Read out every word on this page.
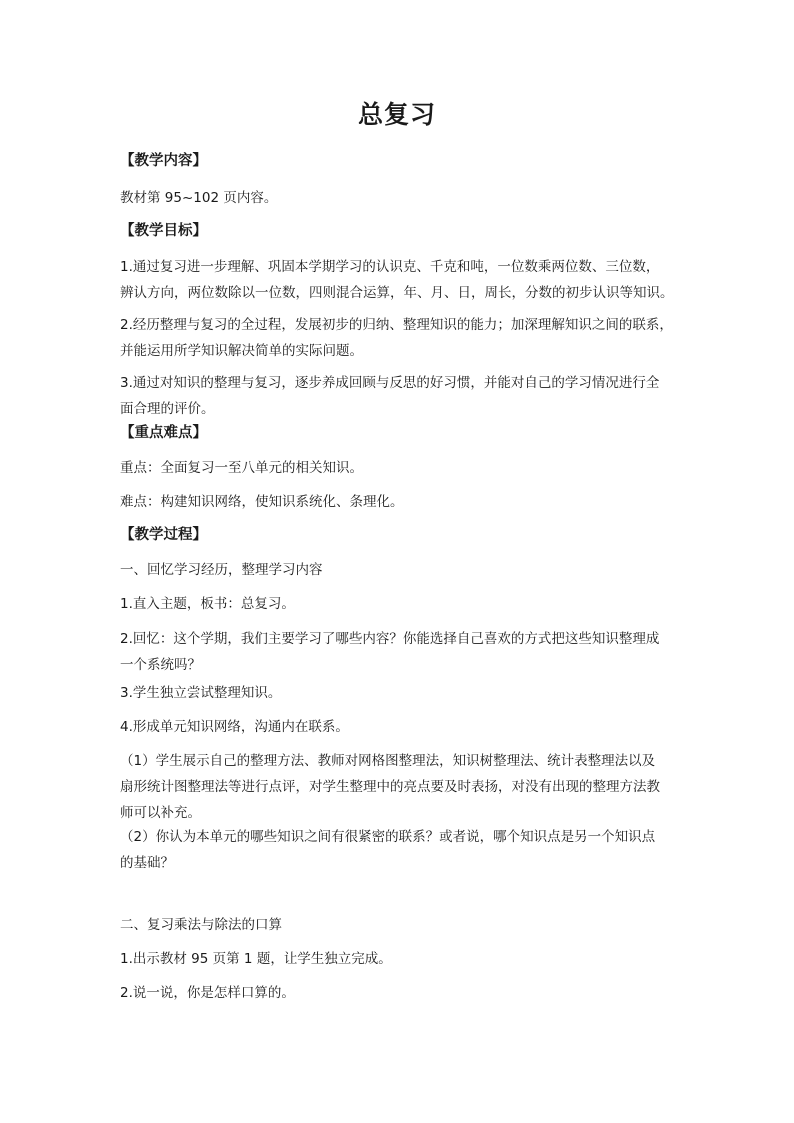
总复习

【教学内容】

教材第 95~102 页内容。

【教学目标】

1.通过复习进一步理解、巩固本学期学习的认识克、千克和吨，一位数乘两位数、三位数，
辨认方向，两位数除以一位数，四则混合运算，年、月、日，周长，分数的初步认识等知识。
2.经历整理与复习的全过程，发展初步的归纳、整理知识的能力；加深理解知识之间的联系，
并能运用所学知识解决简单的实际问题。
3.通过对知识的整理与复习，逐步养成回顾与反思的好习惯，并能对自己的学习情况进行全
面合理的评价。

【重点难点】

重点：全面复习一至八单元的相关知识。

难点：构建知识网络，使知识系统化、条理化。

【教学过程】

一、回忆学习经历，整理学习内容

1.直入主题，板书：总复习。

2.回忆：这个学期，我们主要学习了哪些内容？你能选择自己喜欢的方式把这些知识整理成
一个系统吗？

3.学生独立尝试整理知识。

4.形成单元知识网络，沟通内在联系。

（1）学生展示自己的整理方法、教师对网格图整理法，知识树整理法、统计表整理法以及
扇形统计图整理法等进行点评，对学生整理中的亮点要及时表扬，对没有出现的整理方法教
师可以补充。
（2）你认为本单元的哪些知识之间有很紧密的联系？或者说，哪个知识点是另一个知识点
的基础？

二、复习乘法与除法的口算

1.出示教材 95 页第 1 题，让学生独立完成。

2.说一说，你是怎样口算的。
